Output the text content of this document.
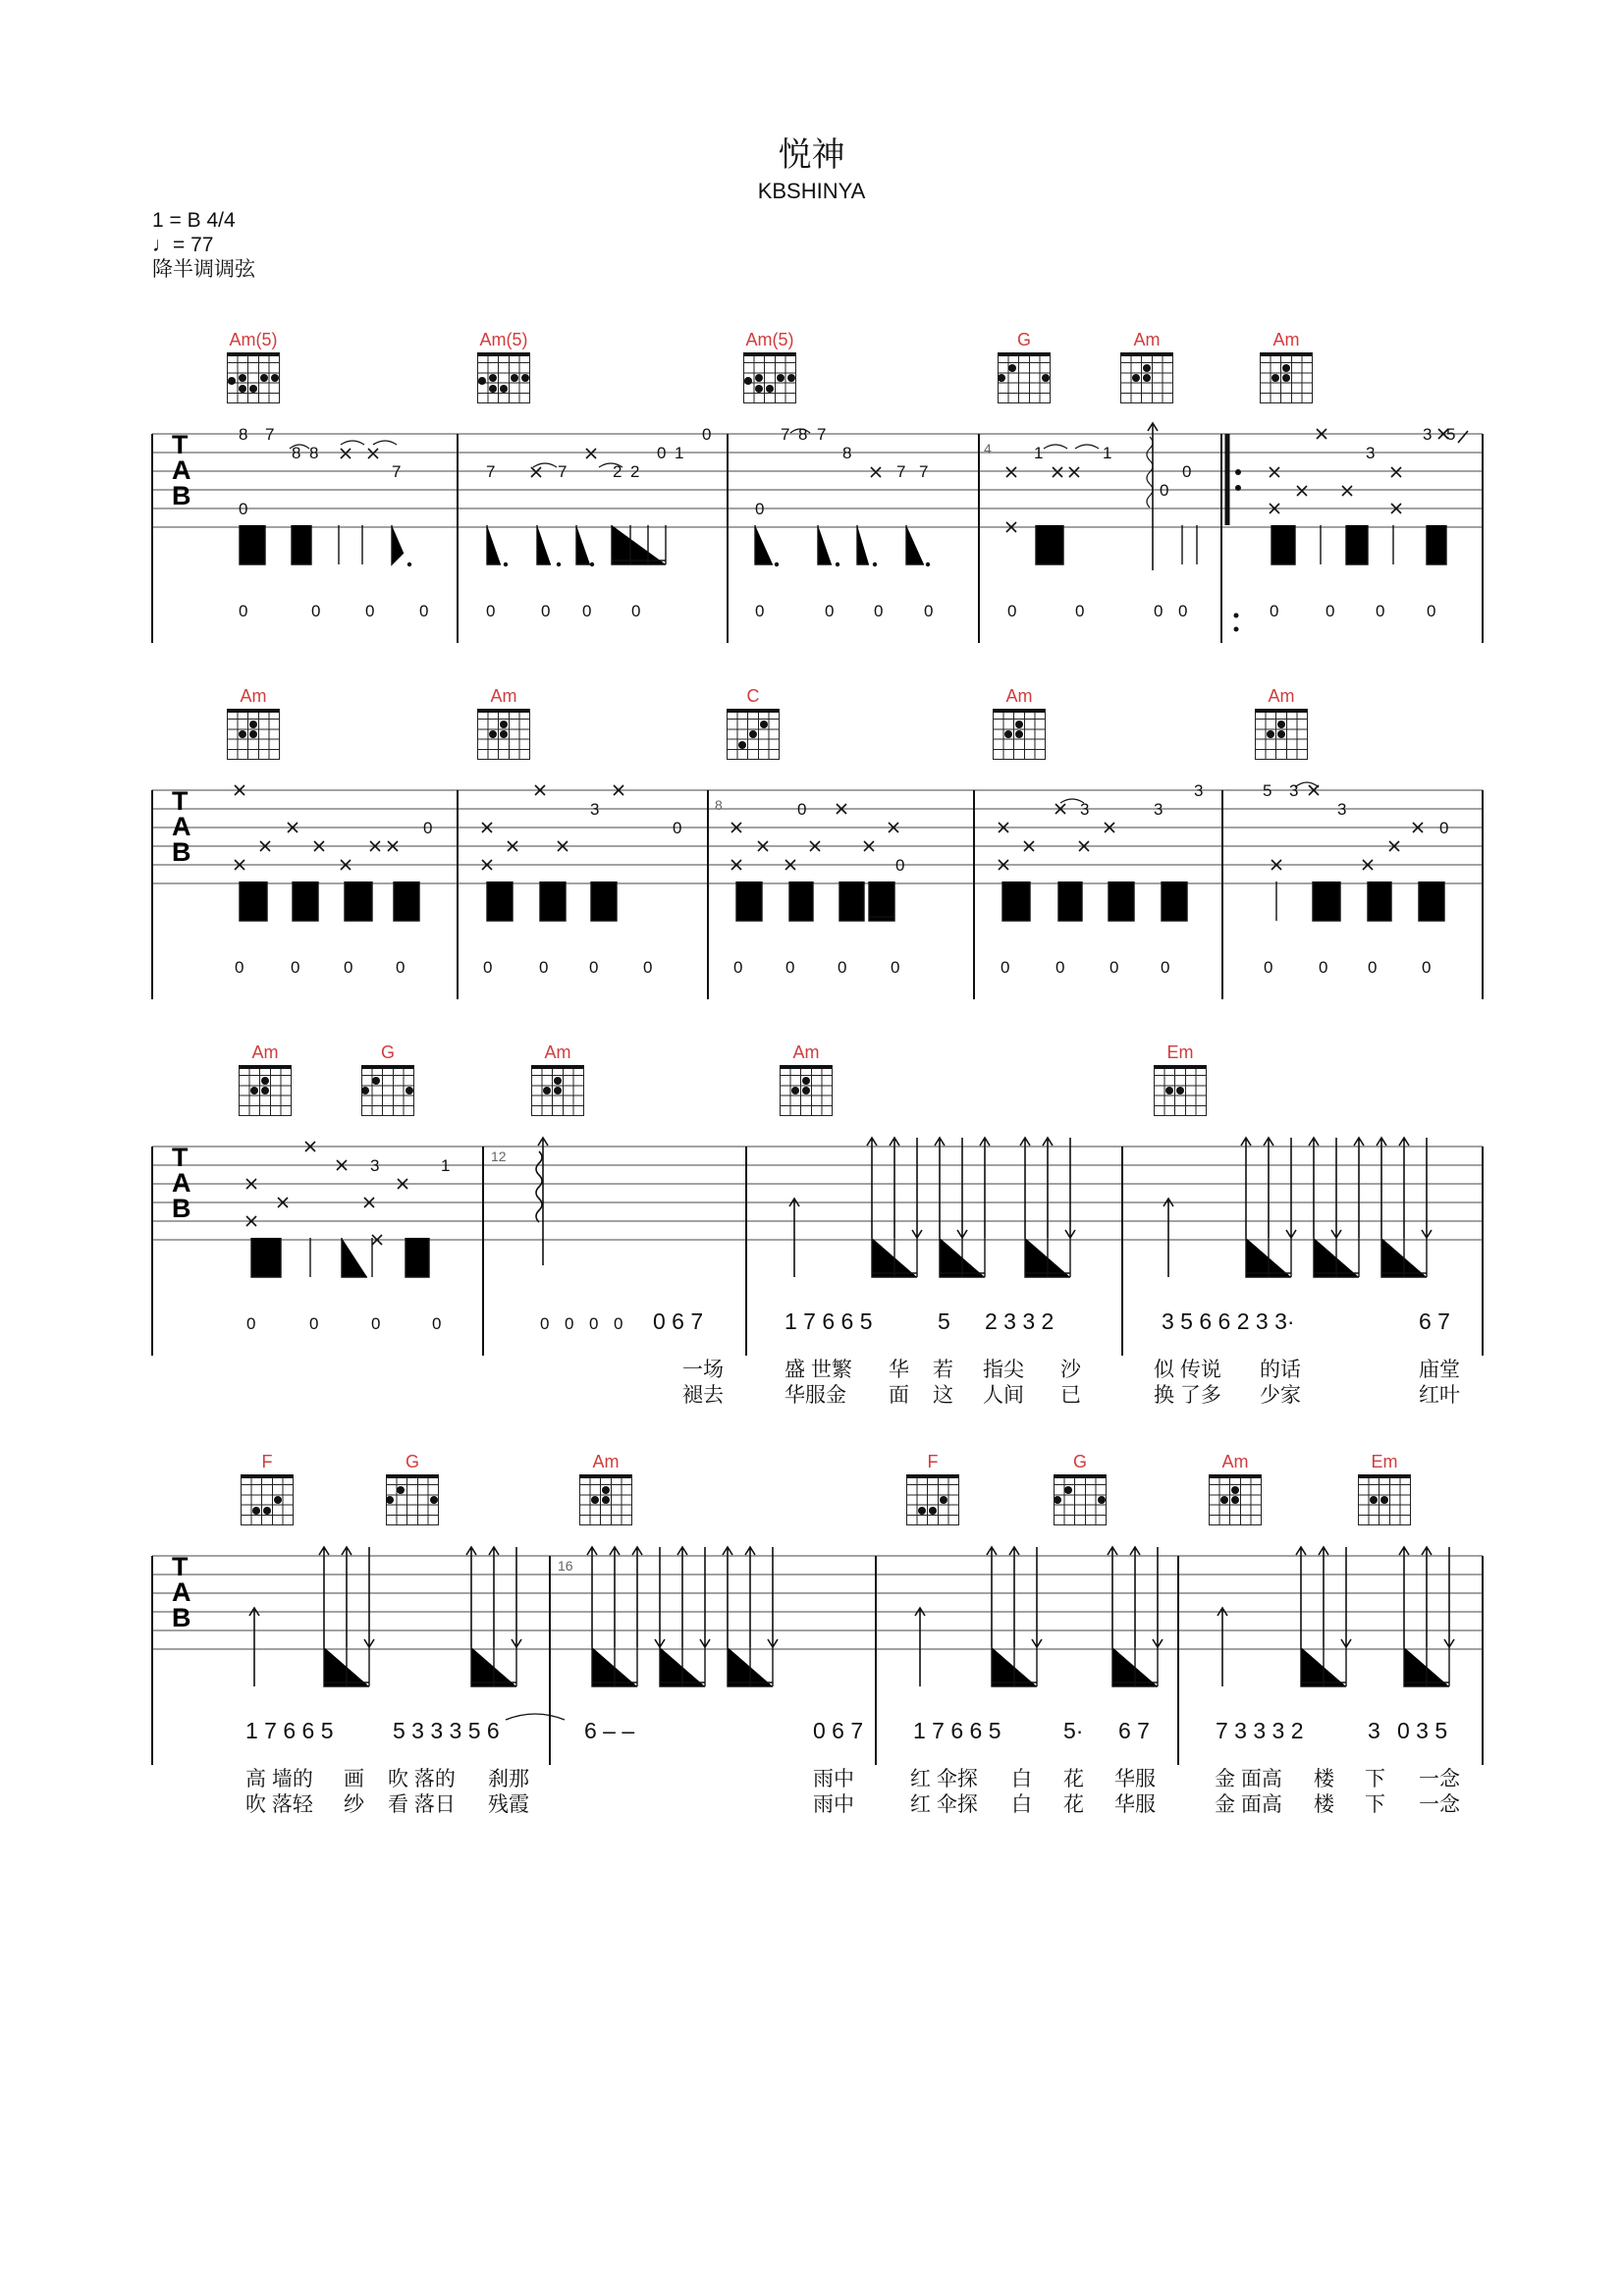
悦神
KBSHINYA
1 = B 4/4
♩= 77
降半调调弦
Am(5)	Am(5)	Am(5)	G	Am	Am
8 7
8 8
7
0
7	7	2 2
0 1
0	7 8 7
8
7 7
0
4	1	1
0
3
3 5
0
0	0	0	0	0	0 0 0	0	0 0 0	0	0	0 0	0	0 0	0
T
A
B
Am	Am	C	Am	Am
0
3
0
0
3	3
3	5 3
3
0
8	0
0	0	0	0	0	0 0	0	0	0	0	0	0	0	0	0	0	0 0	0
T
A
B
Am	G	Am	Am	Em
3	1	12
0	0	0	0	0 0 0 0
T
A
B
0 6 7	1 7 6 6 5	5 2 3 3 2	3 5 6 6 2 3 3·	6 7
一场	盛 世繁 华 若 指尖 沙	似 传说 的话	庙堂
褪去	华服金 面 这 人间 已	换 了多 少家	红叶
F	G	Am	F	G	Am	Em
16
T
A
B
1 7 6 6 5	5 3 3 3 5 6	6 – –	0 6 7 1 7 6 6 5	5· 6 7	7 3 3 3 2	3 0 3 5
高 墙的 画 吹 落的 刹那	雨中	红 伞探 白 花 华服	金 面高 楼 下 一念
吹 落轻 纱 看 落日 残霞	雨中	红 伞探 白 花 华服	金 面高 楼 下 一念
